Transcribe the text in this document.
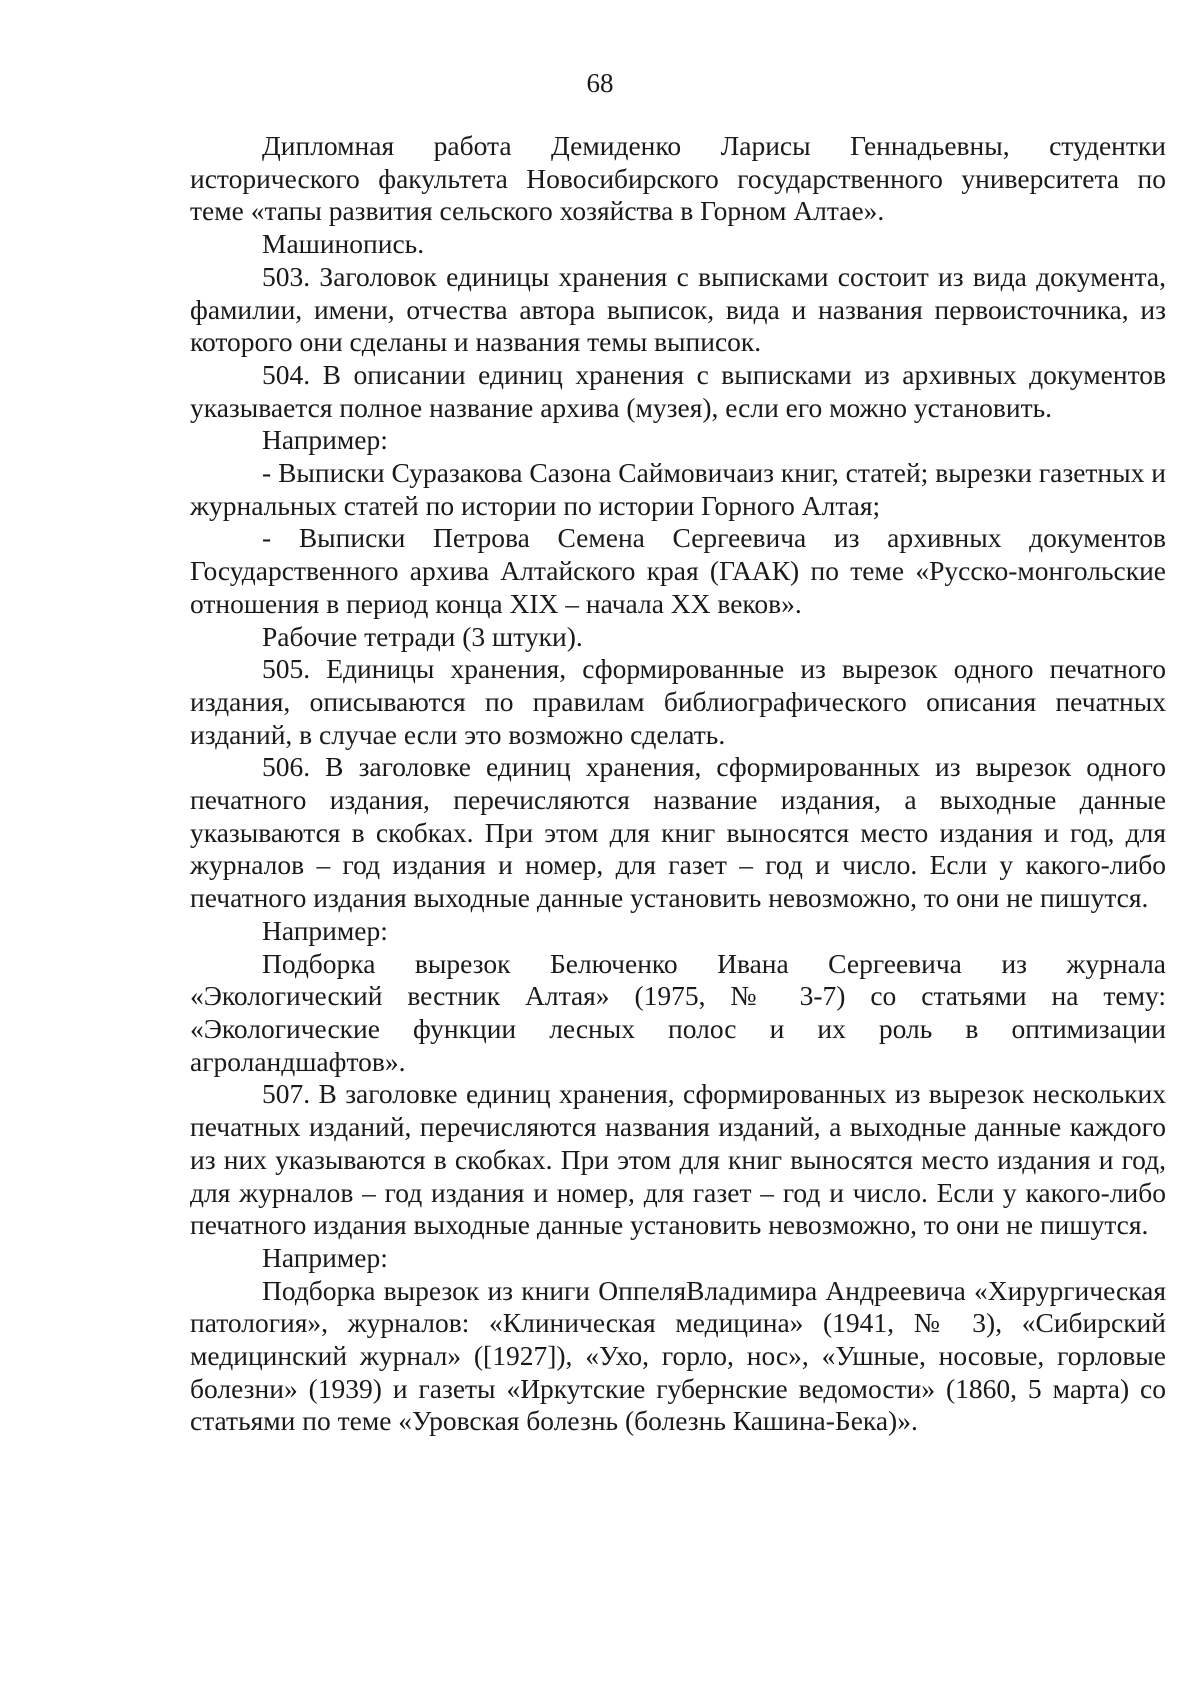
68

Дипломная работа Демиденко Ларисы Геннадьевны, студентки исторического факультета Новосибирского государственного университета по теме «тапы развития сельского хозяйства в Горном Алтае».

Машинопись.

503. Заголовок единицы хранения с выписками состоит из вида документа, фамилии, имени, отчества автора выписок, вида и названия первоисточника, из которого они сделаны и названия темы выписок.

504. В описании единиц хранения с выписками из архивных документов указывается полное название архива (музея), если его можно установить.

Например:

- Выписки Суразакова Сазона Саймовичаиз книг, статей; вырезки газетных и журнальных статей по истории по истории Горного Алтая;

- Выписки Петрова Семена Сергеевича из архивных документов Государственного архива Алтайского края (ГААК) по теме «Русско-монгольские отношения в период конца XIX – начала XX веков».

Рабочие тетради (3 штуки).

505. Единицы хранения, сформированные из вырезок одного печатного издания, описываются по правилам библиографического описания печатных изданий, в случае если это возможно сделать.

506. В заголовке единиц хранения, сформированных из вырезок одного печатного издания, перечисляются название издания, а выходные данные указываются в скобках. При этом для книг выносятся место издания и год, для журналов – год издания и номер, для газет – год и число. Если у какого-либо печатного издания выходные данные установить невозможно, то они не пишутся.

Например:

Подборка вырезок Белюченко Ивана Сергеевича из журнала «Экологический вестник Алтая» (1975, № 3-7) со статьями на тему: «Экологические функции лесных полос и их роль в оптимизации агроландшафтов».

507. В заголовке единиц хранения, сформированных из вырезок нескольких печатных изданий, перечисляются названия изданий, а выходные данные каждого из них указываются в скобках. При этом для книг выносятся место издания и год, для журналов – год издания и номер, для газет – год и число. Если у какого-либо печатного издания выходные данные установить невозможно, то они не пишутся.

Например:

Подборка вырезок из книги ОппеляВладимира Андреевича «Хирургическая патология», журналов: «Клиническая медицина» (1941, № 3), «Сибирский медицинский журнал» ([1927]), «Ухо, горло, нос», «Ушные, носовые, горловые болезни» (1939) и газеты «Иркутские губернские ведомости» (1860, 5 марта) со статьями по теме «Уровская болезнь (болезнь Кашина-Бека)».
